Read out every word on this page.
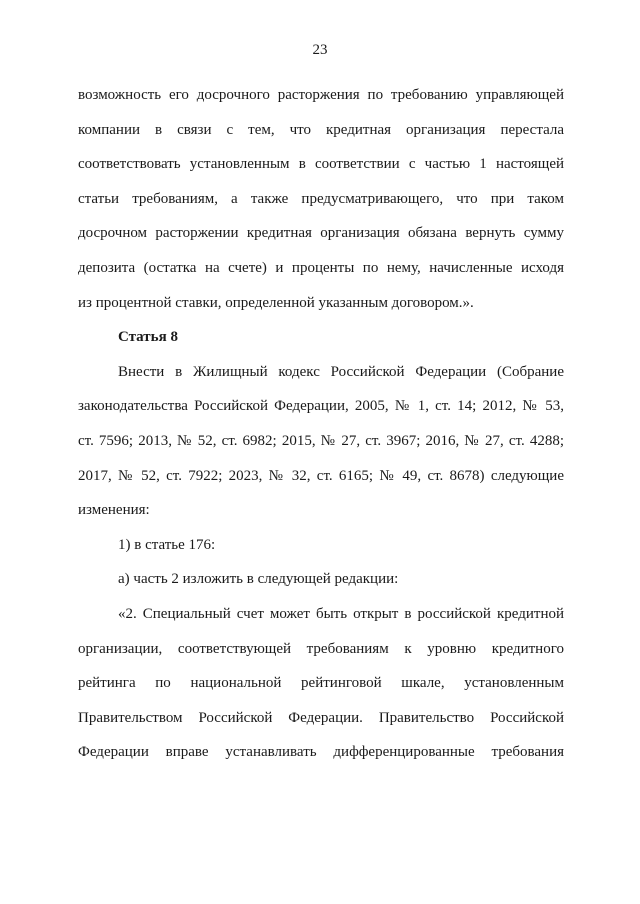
23
возможность его досрочного расторжения по требованию управляющей
компании в связи с тем, что кредитная организация перестала
соответствовать установленным в соответствии с частью 1 настоящей
статьи требованиям, а также предусматривающего, что при таком
досрочном расторжении кредитная организация обязана вернуть сумму
депозита (остатка на счете) и проценты по нему, начисленные исходя
из процентной ставки, определенной указанным договором.».
Статья 8
Внести в Жилищный кодекс Российской Федерации (Собрание
законодательства Российской Федерации, 2005, № 1, ст. 14; 2012, № 53,
ст. 7596; 2013, № 52, ст. 6982; 2015, № 27, ст. 3967; 2016, № 27, ст. 4288;
2017, № 52, ст. 7922; 2023, № 32, ст. 6165; № 49, ст. 8678) следующие
изменения:
1) в статье 176:
а) часть 2 изложить в следующей редакции:
«2. Специальный счет может быть открыт в российской кредитной
организации, соответствующей требованиям к уровню кредитного
рейтинга по национальной рейтинговой шкале, установленным
Правительством Российской Федерации. Правительство Российской
Федерации вправе устанавливать дифференцированные требования
